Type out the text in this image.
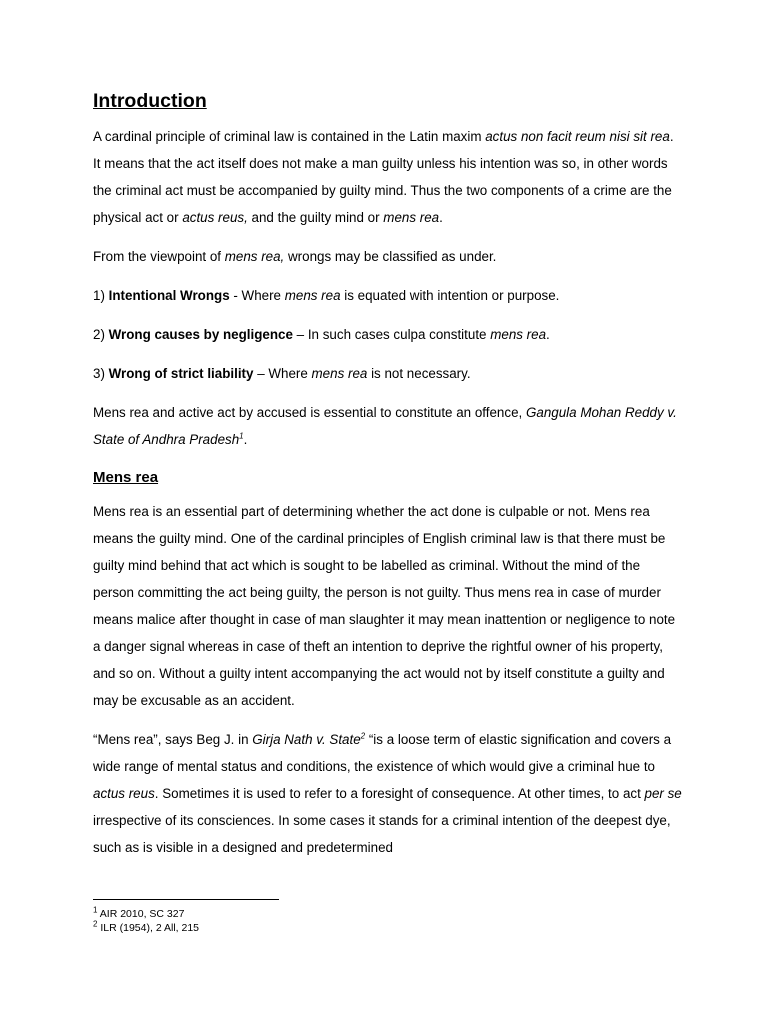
Introduction

A cardinal principle of criminal law is contained in the Latin maxim actus non facit reum nisi sit rea. It means that the act itself does not make a man guilty unless his intention was so, in other words the criminal act must be accompanied by guilty mind. Thus the two components of a crime are the physical act or actus reus, and the guilty mind or mens rea.

From the viewpoint of mens rea, wrongs may be classified as under.

1) Intentional Wrongs - Where mens rea is equated with intention or purpose.

2) Wrong causes by negligence – In such cases culpa constitute mens rea.

3) Wrong of strict liability – Where mens rea is not necessary.

Mens rea and active act by accused is essential to constitute an offence, Gangula Mohan Reddy v. State of Andhra Pradesh$^1$.

Mens rea

Mens rea is an essential part of determining whether the act done is culpable or not. Mens rea means the guilty mind. One of the cardinal principles of English criminal law is that there must be guilty mind behind that act which is sought to be labelled as criminal. Without the mind of the person committing the act being guilty, the person is not guilty. Thus mens rea in case of murder means malice after thought in case of man slaughter it may mean inattention or negligence to note a danger signal whereas in case of theft an intention to deprive the rightful owner of his property, and so on. Without a guilty intent accompanying the act would not by itself constitute a guilty and may be excusable as an accident.

“Mens rea”, says Beg J. in Girja Nath v. State$^2$ “is a loose term of elastic signification and covers a wide range of mental status and conditions, the existence of which would give a criminal hue to actus reus. Sometimes it is used to refer to a foresight of consequence. At other times, to act per se irrespective of its consciences. In some cases it stands for a criminal intention of the deepest dye, such as is visible in a designed and predetermined

$^1$ AIR 2010, SC 327
$^2$ ILR (1954), 2 All, 215
